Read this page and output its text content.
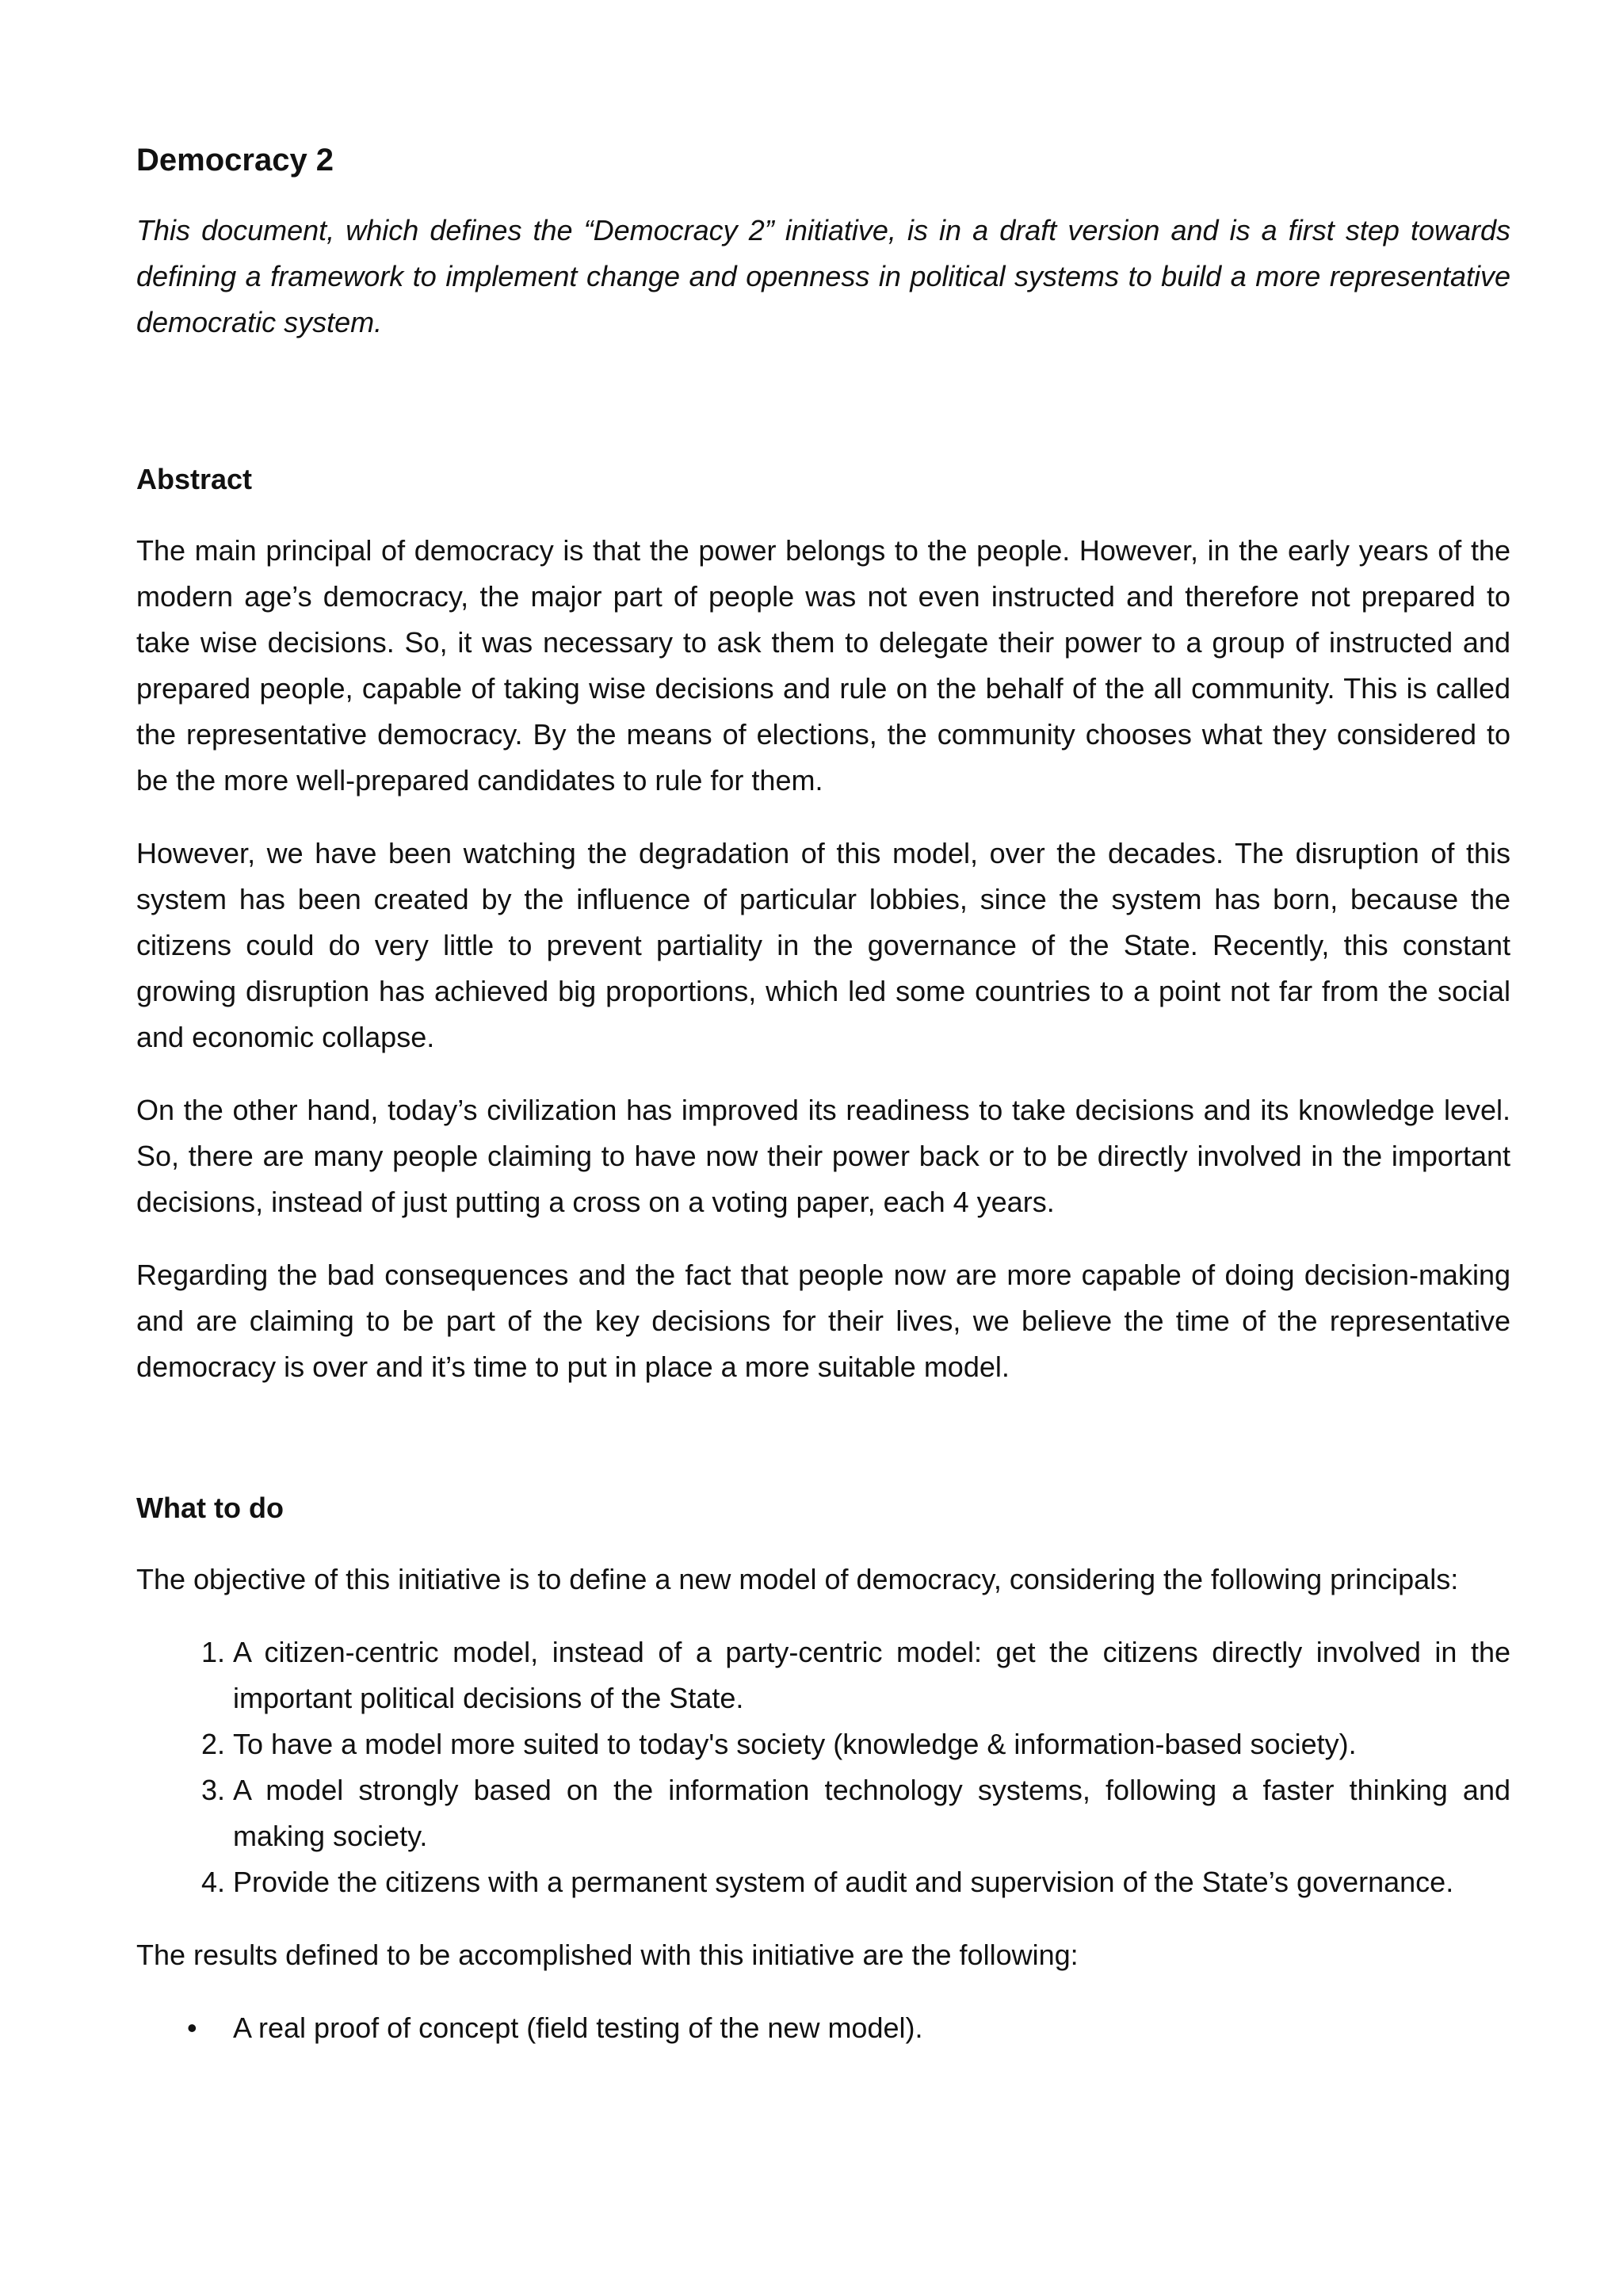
Democracy 2

This document, which defines the “Democracy 2” initiative, is in a draft version and is a first step towards defining a framework to implement change and openness in political systems to build a more representative democratic system.

Abstract

The main principal of democracy is that the power belongs to the people. However, in the early years of the modern age’s democracy, the major part of people was not even instructed and therefore not prepared to take wise decisions. So, it was necessary to ask them to delegate their power to a group of instructed and prepared people, capable of taking wise decisions and rule on the behalf of the all community. This is called the representative democracy. By the means of elections, the community chooses what they considered to be the more well-prepared candidates to rule for them.

However, we have been watching the degradation of this model, over the decades. The disruption of this system has been created by the influence of particular lobbies, since the system has born, because the citizens could do very little to prevent partiality in the governance of the State. Recently, this constant growing disruption has achieved big proportions, which led some countries to a point not far from the social and economic collapse.

On the other hand, today’s civilization has improved its readiness to take decisions and its knowledge level. So, there are many people claiming to have now their power back or to be directly involved in the important decisions, instead of just putting a cross on a voting paper, each 4 years.

Regarding the bad consequences and the fact that people now are more capable of doing decision-making and are claiming to be part of the key decisions for their lives, we believe the time of the representative democracy is over and it’s time to put in place a more suitable model.

What to do

The objective of this initiative is to define a new model of democracy, considering the following principals:

1. A citizen-centric model, instead of a party-centric model: get the citizens directly involved in the important political decisions of the State.
2. To have a model more suited to today's society (knowledge & information-based society).
3. A model strongly based on the information technology systems, following a faster thinking and making society.
4. Provide the citizens with a permanent system of audit and supervision of the State’s governance.

The results defined to be accomplished with this initiative are the following:

• A real proof of concept (field testing of the new model).
